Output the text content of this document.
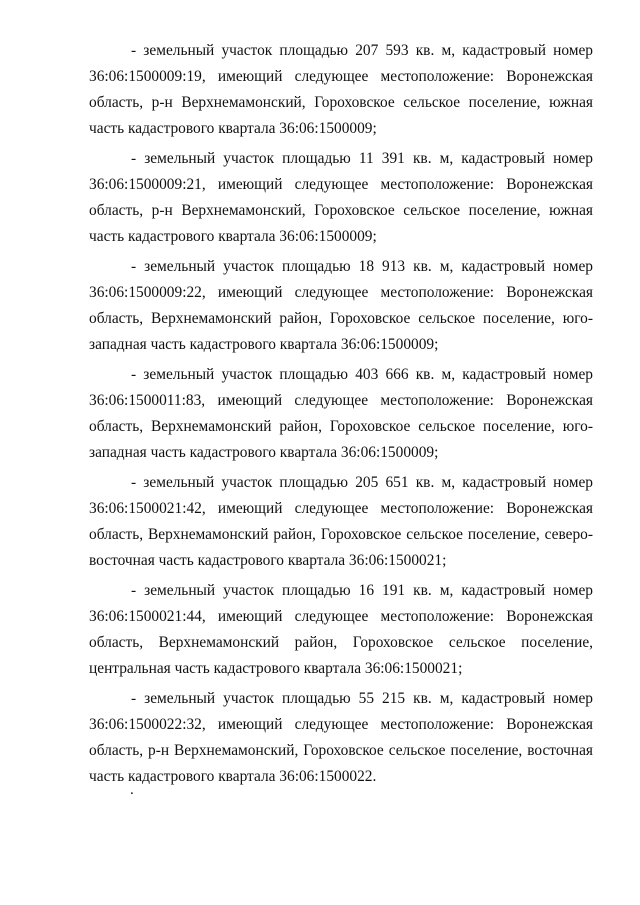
- земельный участок площадью 207 593 кв. м, кадастровый номер 36:06:1500009:19, имеющий следующее местоположение: Воронежская область, р-н Верхнемамонский, Гороховское сельское поселение, южная часть кадастрового квартала 36:06:1500009;

- земельный участок площадью 11 391 кв. м, кадастровый номер 36:06:1500009:21, имеющий следующее местоположение: Воронежская область, р-н Верхнемамонский, Гороховское сельское поселение, южная часть кадастрового квартала 36:06:1500009;

- земельный участок площадью 18 913 кв. м, кадастровый номер 36:06:1500009:22, имеющий следующее местоположение: Воронежская область, Верхнемамонский район, Гороховское сельское поселение, юго-западная часть кадастрового квартала 36:06:1500009;

- земельный участок площадью 403 666 кв. м, кадастровый номер 36:06:1500011:83, имеющий следующее местоположение: Воронежская область, Верхнемамонский район, Гороховское сельское поселение, юго-западная часть кадастрового квартала 36:06:1500009;

- земельный участок площадью 205 651 кв. м, кадастровый номер 36:06:1500021:42, имеющий следующее местоположение: Воронежская область, Верхнемамонский район, Гороховское сельское поселение, северо-восточная часть кадастрового квартала 36:06:1500021;

- земельный участок площадью 16 191 кв. м, кадастровый номер 36:06:1500021:44, имеющий следующее местоположение: Воронежская область, Верхнемамонский район, Гороховское сельское поселение, центральная часть кадастрового квартала 36:06:1500021;

- земельный участок площадью 55 215 кв. м, кадастровый номер 36:06:1500022:32, имеющий следующее местоположение: Воронежская область, р-н Верхнемамонский, Гороховское сельское поселение, восточная часть кадастрового квартала 36:06:1500022.

.
